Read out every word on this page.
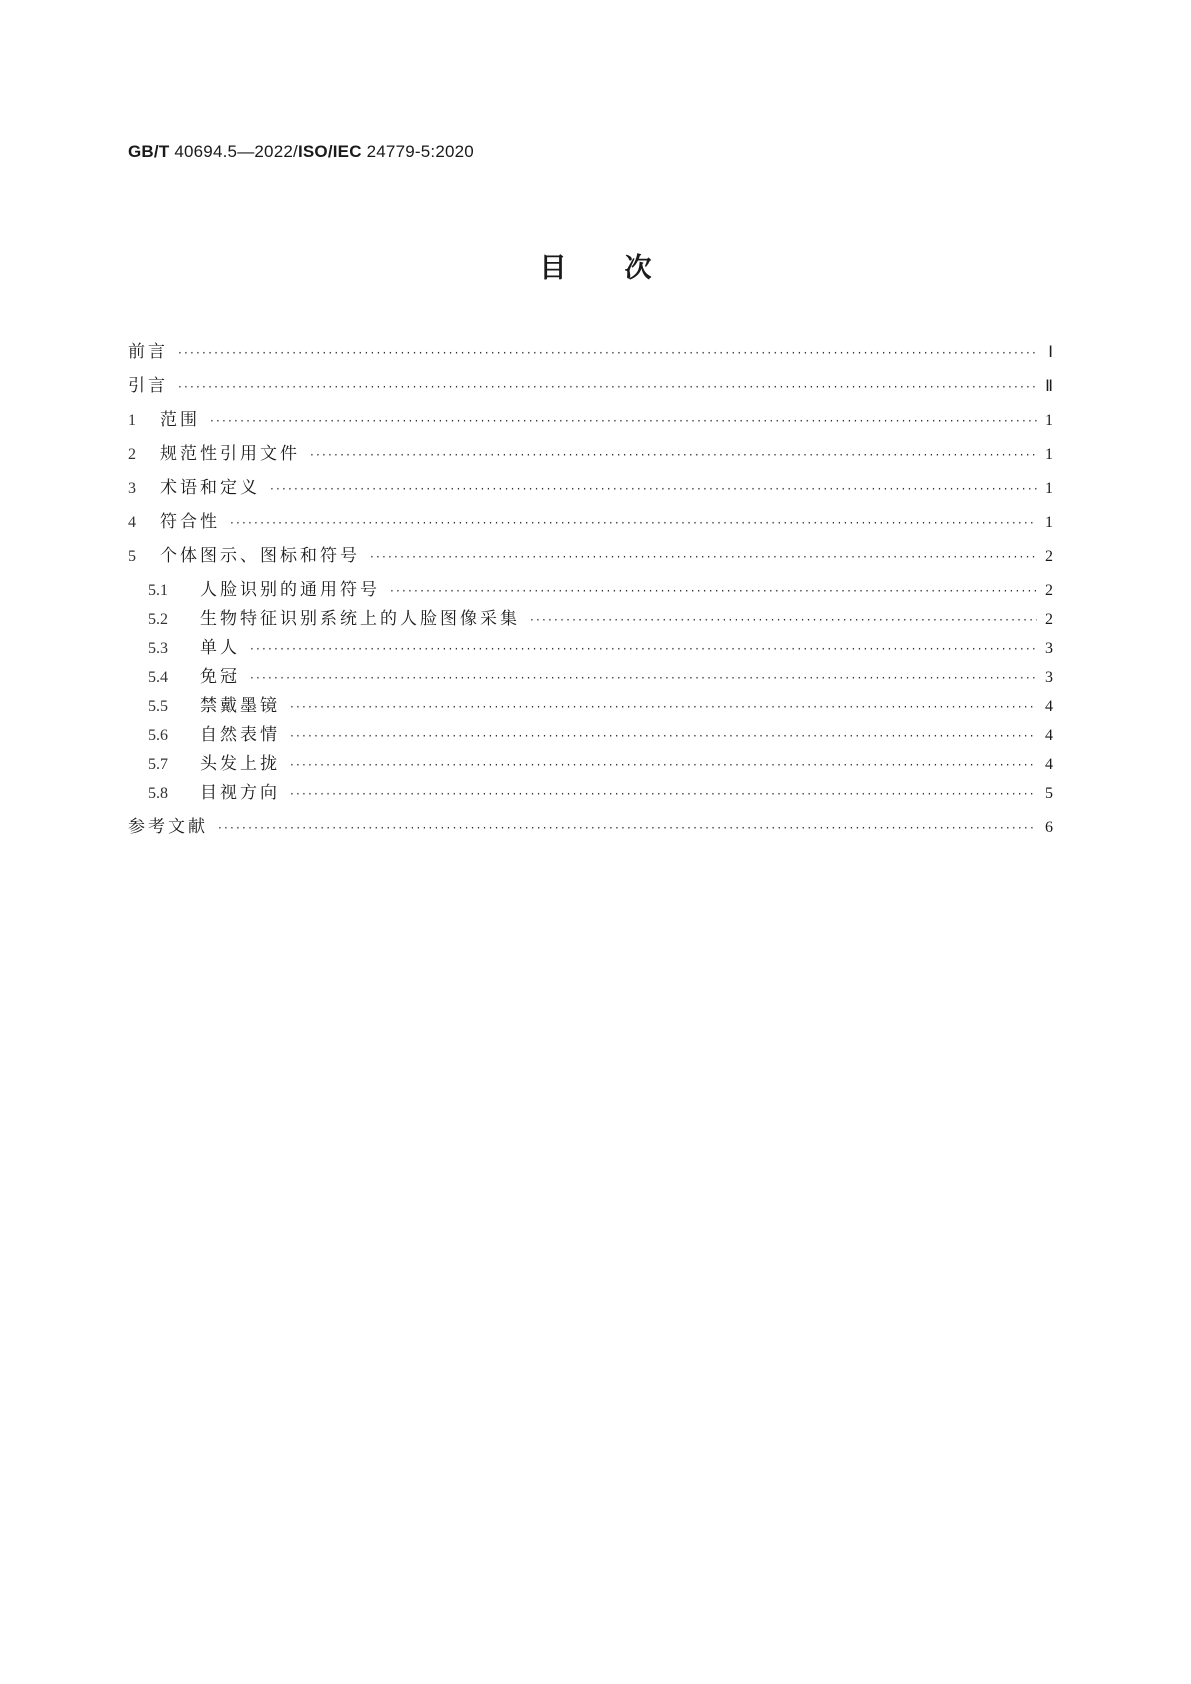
GB/T 40694.5—2022/ISO/IEC 24779-5:2020
目次
前言 ·····	Ⅰ
引言 ·····	Ⅱ
1	范围 ·····	1
2	规范性引用文件 ·····	1
3	术语和定义 ·····	1
4	符合性 ·····	1
5	个体图示、图标和符号 ·····	2
5.1	人脸识别的通用符号 ·····	2
5.2	生物特征识别系统上的人脸图像采集 ·····	2
5.3	单人 ·····	3
5.4	免冠 ·····	3
5.5	禁戴墨镜 ·····	4
5.6	自然表情 ·····	4
5.7	头发上拢 ·····	4
5.8	目视方向 ·····	5
参考文献 ·····	6
